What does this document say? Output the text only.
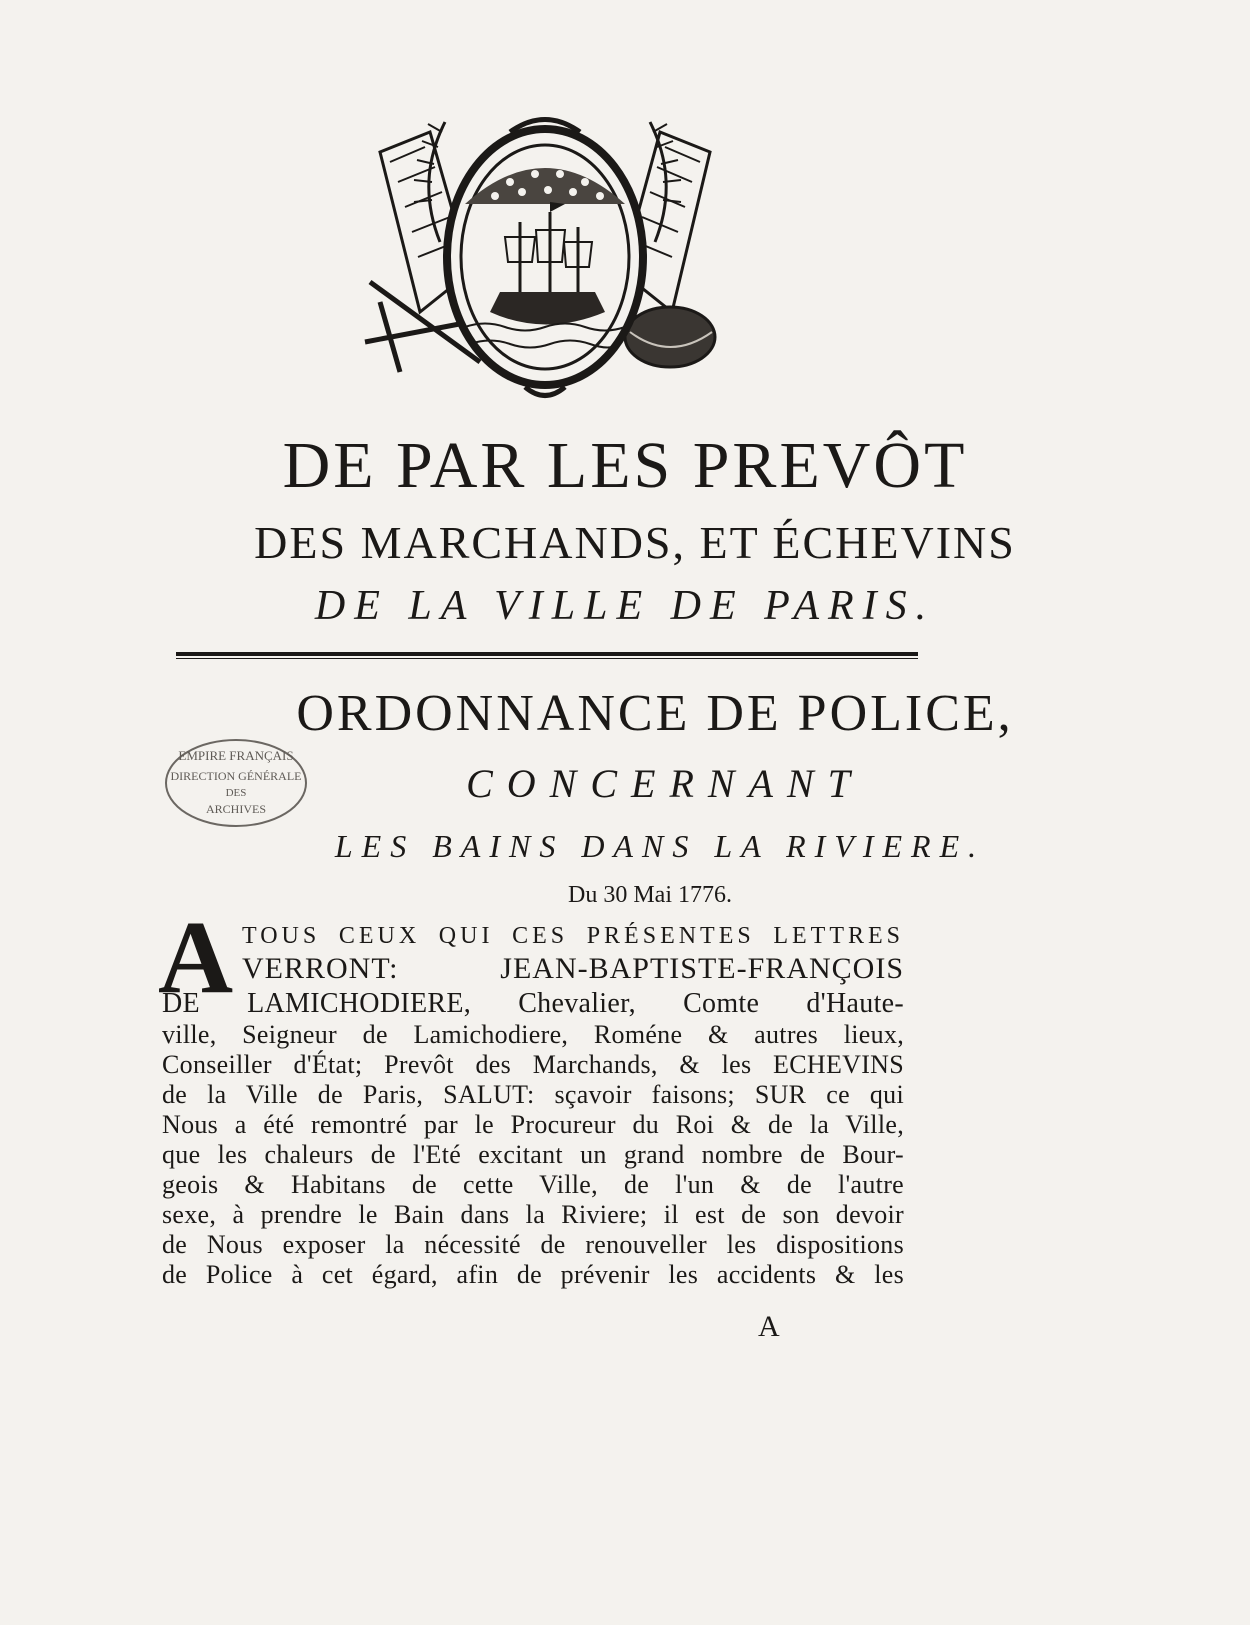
DE PAR LES PREVÔT
DES MARCHANDS, ET ÉCHEVINS
DE LA VILLE DE PARIS.
ORDONNANCE DE POLICE,
CONCERNANT
LES BAINS DANS LA RIVIERE.
Du 30 Mai 1776.
EMPIRE FRANÇAIS
DIRECTION GÉNÉRALE
DES
ARCHIVES
A TOUS CEUX QUI CES PRÉSENTES LETTRES
VERRONT: JEAN-BAPTISTE-FRANÇOIS
DE LAMICHODIERE, Chevalier, Comte d'Haute-
ville, Seigneur de Lamichodiere, Roméne & autres lieux,
Conseiller d'État; Prevôt des Marchands, & les ECHEVINS
de la Ville de Paris, SALUT: sçavoir faisons; SUR ce qui
Nous a été remontré par le Procureur du Roi & de la Ville,
que les chaleurs de l'Eté excitant un grand nombre de Bour-
geois & Habitans de cette Ville, de l'un & de l'autre
sexe, à prendre le Bain dans la Riviere; il est de son devoir
de Nous exposer la nécessité de renouveller les dispositions
de Police à cet égard, afin de prévenir les accidents & les
A
